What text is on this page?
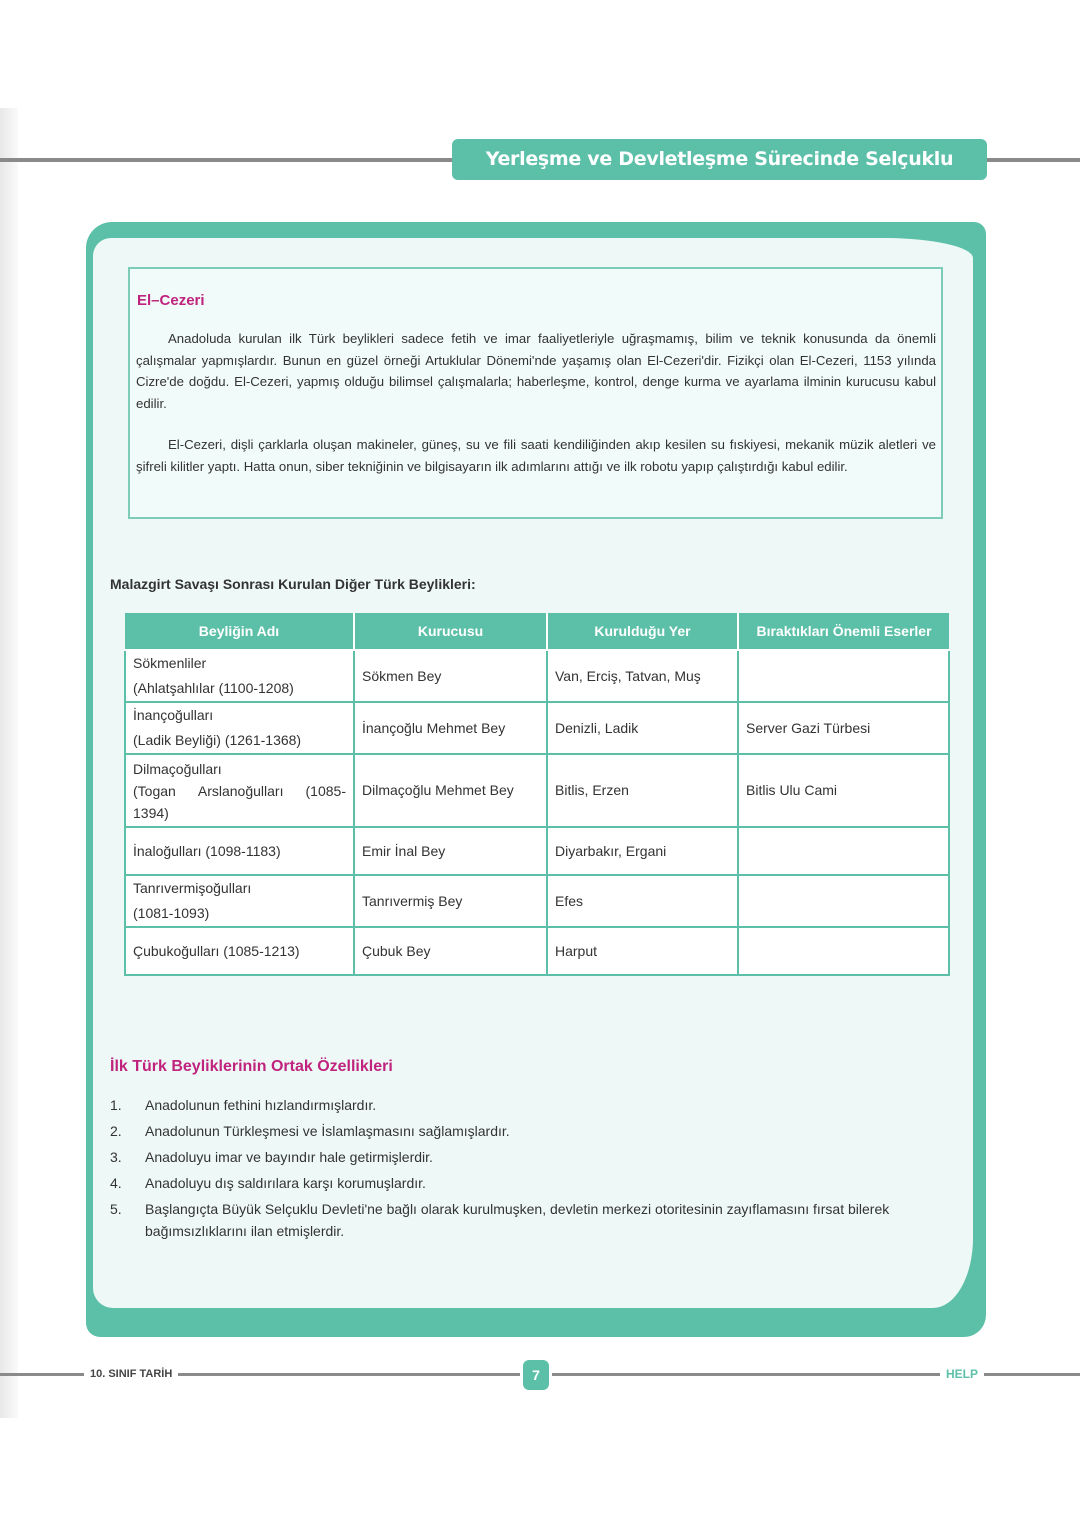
Yerleşme ve Devletleşme Sürecinde Selçuklu Türkiyesi
El–Cezeri

Anadoluda kurulan ilk Türk beylikleri sadece fetih ve imar faaliyetleriyle uğraşmamış, bilim ve teknik konusunda da önemli çalışmalar yapmışlardır. Bunun en güzel örneği Artuklular Dönemi'nde yaşamış olan El-Cezeri'dir. Fizikçi olan El-Cezeri, 1153 yılında Cizre'de doğdu. El-Cezeri, yapmış olduğu bilimsel çalışmalarla; haberleşme, kontrol, denge kurma ve ayarlama ilminin kurucusu kabul edilir.

El-Cezeri, dişli çarklarla oluşan makineler, güneş, su ve fili saati kendiliğinden akıp kesilen su fıskiyesi, mekanik müzik aletleri ve şifreli kilitler yaptı. Hatta onun, siber tekniğinin ve bilgisayarın ilk adımlarını attığı ve ilk robotu yapıp çalıştırdığı kabul edilir.

Malazgirt Savaşı Sonrası Kurulan Diğer Türk Beylikleri:
Beyliğin Adı	Kurucusu	Kurulduğu Yer	Bıraktıkları Önemli Eserler

Sökmenliler
(Ahlatşahlılar (1100-1208)	Sökmen Bey	Van, Erciş, Tatvan, Muş	

İnançoğulları
(Ladik Beyliği) (1261-1368)	İnançoğlu Mehmet Bey	Denizli, Ladik	Server Gazi Türbesi

Dilmaçoğulları
(Togan Arslanoğulları (1085-
1394)	Dilmaçoğlu Mehmet Bey	Bitlis, Erzen	Bitlis Ulu Cami
İnaloğulları (1098-1183)	Emir İnal Bey	Diyarbakır, Ergani	

Tanrıvermişoğulları
(1081-1093)	Tanrıvermiş Bey	Efes	
Çubukoğulları (1085-1213)	Çubuk Bey	Harput	
İlk Türk Beyliklerinin Ortak Özellikleri
1. Anadolunun fethini hızlandırmışlardır.
2. Anadolunun Türkleşmesi ve İslamlaşmasını sağlamışlardır.
3. Anadoluyu imar ve bayındır hale getirmişlerdir.
4. Anadoluyu dış saldırılara karşı korumuşlardır.
5. Başlangıçta Büyük Selçuklu Devleti'ne bağlı olarak kurulmuşken, devletin merkezi otoritesinin zayıflamasını fırsat bilerek bağımsızlıklarını ilan etmişlerdir.
10. SINIF TARİH	7	HELP
